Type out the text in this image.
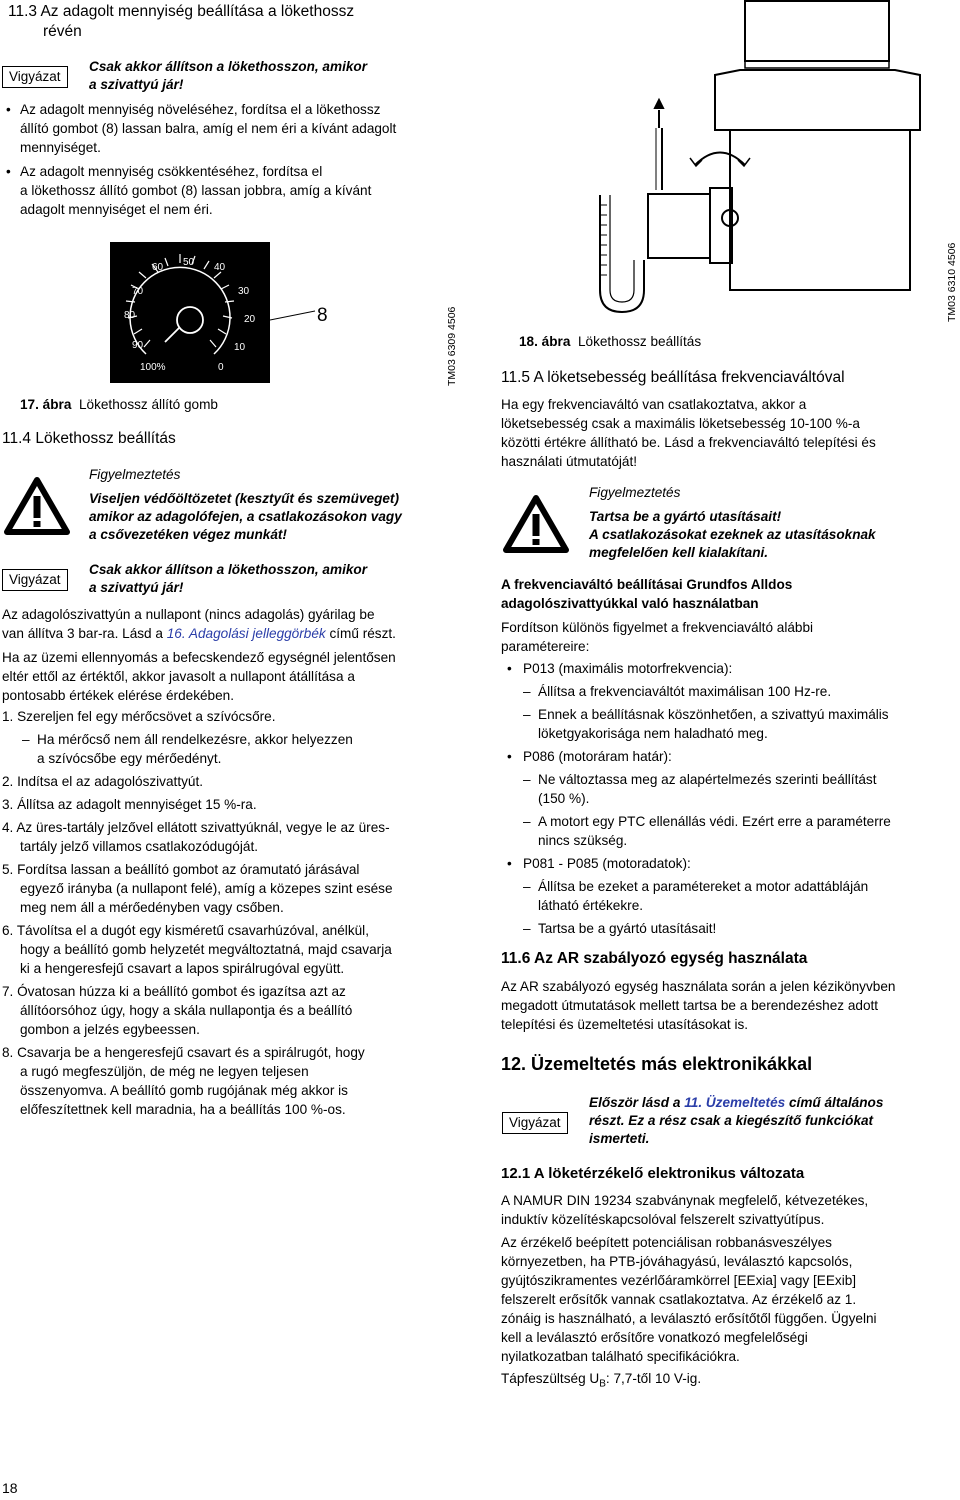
11.3 Az adagolt mennyiség beállítása a lökethossz
révén
Vigyázat
Csak akkor állítson a lökethosszon, amikor
a szivattyú jár!
• Az adagolt mennyiség növeléséhez, fordítsa el a lökethossz
állító gombot (8) lassan balra, amíg el nem éri a kívánt adagolt
mennyiséget.
• Az adagolt mennyiség csökkentéséhez, fordítsa el
a lökethossz állító gombot (8) lassan jobbra, amíg a kívánt
adagolt mennyiséget el nem éri.
60 50 40
70	30
80	20
90	10
100%	0
8	TM03 6309 4506
17. ábra Lökethossz állító gomb
11.4 Lökethossz beállítás
Figyelmeztetés
Viseljen védőöltözetet (kesztyűt és szemüveget)
amikor az adagolófejen, a csatlakozásokon vagy
a csővezetéken végez munkát!
Vigyázat
Csak akkor állítson a lökethosszon, amikor
a szivattyú jár!
Az adagolószivattyún a nullapont (nincs adagolás) gyárilag be
van állítva 3 bar-ra. Lásd a 16. Adagolási jelleggörbék című részt.
Ha az üzemi ellennyomás a befecskendező egységnél jelentősen
eltér ettől az értéktől, akkor javasolt a nullapont átállítása a
pontosabb értékek elérése érdekében.
1. Szereljen fel egy mérőcsövet a szívócsőre.
– Ha mérőcső nem áll rendelkezésre, akkor helyezzen
a szívócsőbe egy mérőedényt.
2. Indítsa el az adagolószivattyút.
3. Állítsa az adagolt mennyiséget 15 %-ra.
4. Az üres-tartály jelzővel ellátott szivattyúknál, vegye le az üres-
tartály jelző villamos csatlakozódugóját.
5. Fordítsa lassan a beállító gombot az óramutató járásával
egyező irányba (a nullapont felé), amíg a közepes szint esése
meg nem áll a mérőedényben vagy csőben.
6. Távolítsa el a dugót egy kisméretű csavarhúzóval, anélkül,
hogy a beállító gomb helyzetét megváltoztatná, majd csavarja
ki a hengeresfejű csavart a lapos spirálrugóval együtt.
7. Óvatosan húzza ki a beállító gombot és igazítsa azt az
állítóorsóhoz úgy, hogy a skála nullapontja és a beállító
gombon a jelzés egybeessen.
8. Csavarja be a hengeresfejű csavart és a spirálrugót, hogy
a rugó megfeszüljön, de még ne legyen teljesen
összenyomva. A beállító gomb rugójának még akkor is
előfeszítettnek kell maradnia, ha a beállítás 100 %-os.
18
TM03 6310 4506
18. ábra Lökethossz beállítás
11.5 A löketsebesség beállítása frekvenciaváltóval
Ha egy frekvenciaváltó van csatlakoztatva, akkor a
löketsebesség csak a maximális löketsebesség 10-100 %-a
közötti értékre állítható be. Lásd a frekvenciaváltó telepítési és
használati útmutatóját!
Figyelmeztetés
Tartsa be a gyártó utasításait!
A csatlakozásokat ezeknek az utasításoknak
megfelelően kell kialakítani.
A frekvenciaváltó beállításai Grundfos Alldos
adagolószivattyúkkal való használatban
Fordítson különös figyelmet a frekvenciaváltó alábbi
paramétereire:
• P013 (maximális motorfrekvencia):
– Állítsa a frekvenciaváltót maximálisan 100 Hz-re.
– Ennek a beállításnak köszönhetően, a szivattyú maximális
löketgyakorisága nem haladható meg.
• P086 (motoráram határ):
– Ne változtassa meg az alapértelmezés szerinti beállítást
(150 %).
– A motort egy PTC ellenállás védi. Ezért erre a paraméterre
nincs szükség.
• P081 - P085 (motoradatok):
– Állítsa be ezeket a paramétereket a motor adattábláján
látható értékekre.
– Tartsa be a gyártó utasításait!
11.6 Az AR szabályozó egység használata
Az AR szabályozó egység használata során a jelen kézikönyvben
megadott útmutatások mellett tartsa be a berendezéshez adott
telepítési és üzemeltetési utasításokat is.
12. Üzemeltetés más elektronikákkal
Vigyázat
Először lásd a 11. Üzemeltetés című általános
részt. Ez a rész csak a kiegészítő funkciókat
ismerteti.
12.1 A löketérzékelő elektronikus változata
A NAMUR DIN 19234 szabványnak megfelelő, kétvezetékes,
induktív közelítéskapcsolóval felszerelt szivattyútípus.
Az érzékelő beépített potenciálisan robbanásveszélyes
környezetben, ha PTB-jóváhagyású, leválasztó kapcsolós,
gyújtószikramentes vezérlőáramkörrel [EExia] vagy [EExib]
felszerelt erősítők vannak csatlakoztatva. Az érzékelő az 1.
zónáig is használható, a leválasztó erősítőtől függően. Ügyelni
kell a leválasztó erősítőre vonatkozó megfelelőségi
nyilatkozatban található specifikációkra.
Tápfeszültség $U_B$: 7,7-től 10 V-ig.
